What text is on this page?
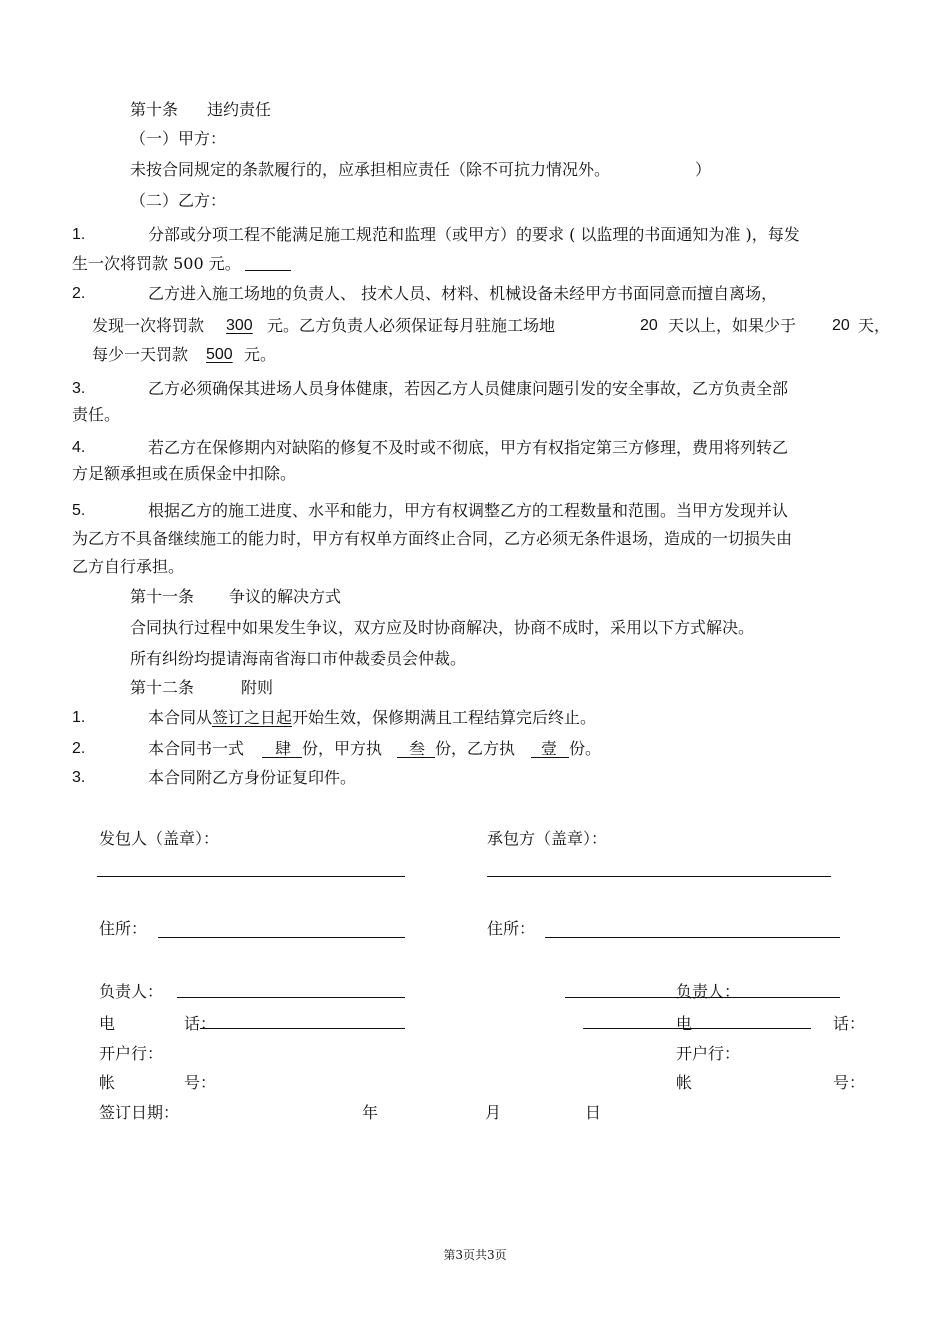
第十条 违约责任
（一）甲方：
未按合同规定的条款履行的，应承担相应责任（除不可抗力情况外。	）
（二）乙方：
1.	分部或分项工程不能满足施工规范和监理（或甲方）的要求 ( 以监理的书面通知为准 )，每发
生一次将罚款 500 元。
2.	乙方进入施工场地的负责人、 技术人员、材料、机械设备未经甲方书面同意而擅自离场，
发现一次将罚款 300 元。乙方负责人必须保证每月驻施工场地	20 天以上，如果少于 20 天，
每少一天罚款 500 元。
3.	乙方必须确保其进场人员身体健康，若因乙方人员健康问题引发的安全事故，乙方负责全部
责任。
4.	若乙方在保修期内对缺陷的修复不及时或不彻底，甲方有权指定第三方修理，费用将列转乙
方足额承担或在质保金中扣除。
5.	根据乙方的施工进度、水平和能力，甲方有权调整乙方的工程数量和范围。当甲方发现并认
为乙方不具备继续施工的能力时，甲方有权单方面终止合同，乙方必须无条件退场，造成的一切损失由
乙方自行承担。
第十一条 争议的解决方式
合同执行过程中如果发生争议，双方应及时协商解决，协商不成时，采用以下方式解决。
所有纠纷均提请海南省海口市仲裁委员会仲裁。
第十二条	附则
1.	本合同从 签订之日起 开始生效，保修期满且工程结算完后终止。
2.	本合同书一式 肆 份，甲方执 叁 份，乙方执 壹 份。
3.	本合同附乙方身份证复印件。
发包人（盖章）：	承包方（盖章）：
住所：	住所：
负责人：	负责人：
电	话：	电	话：
开户行：	开户行：
帐	号：	帐	号：
签订日期：	年	月	日
第3页共3页
